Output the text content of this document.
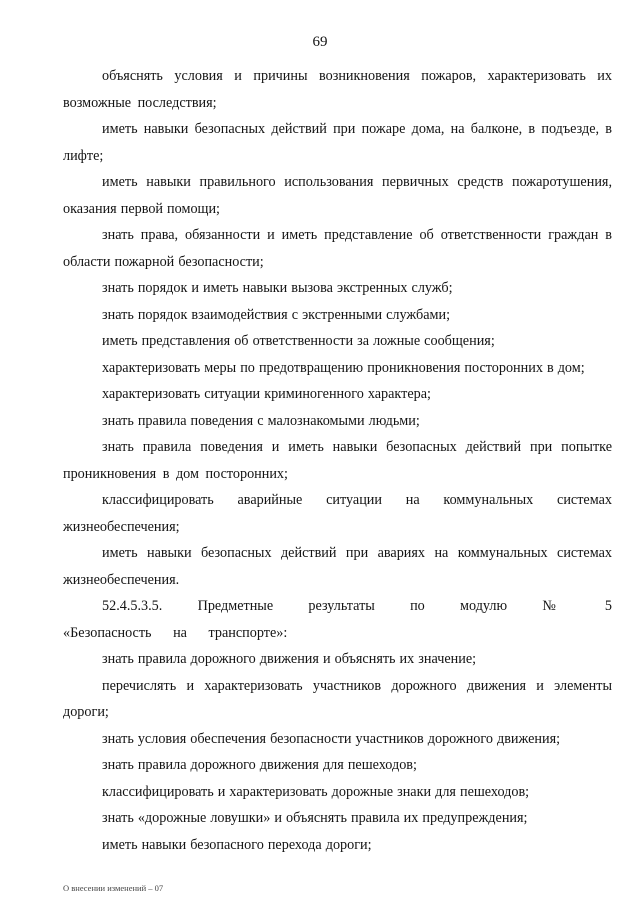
69

объяснять условия и причины возникновения пожаров, характеризовать их возможные последствия;

иметь навыки безопасных действий при пожаре дома, на балконе, в подъезде, в лифте;

иметь навыки правильного использования первичных средств пожаротушения, оказания первой помощи;

знать права, обязанности и иметь представление об ответственности граждан в области пожарной безопасности;

знать порядок и иметь навыки вызова экстренных служб;

знать порядок взаимодействия с экстренными службами;

иметь представления об ответственности за ложные сообщения;

характеризовать меры по предотвращению проникновения посторонних в дом;

характеризовать ситуации криминогенного характера;

знать правила поведения с малознакомыми людьми;

знать правила поведения и иметь навыки безопасных действий при попытке проникновения в дом посторонних;

классифицировать аварийные ситуации на коммунальных системах жизнеобеспечения;

иметь навыки безопасных действий при авариях на коммунальных системах жизнеобеспечения.

52.4.5.3.5. Предметные результаты по модулю № 5 «Безопасность на транспорте»:

знать правила дорожного движения и объяснять их значение;

перечислять и характеризовать участников дорожного движения и элементы дороги;

знать условия обеспечения безопасности участников дорожного движения;

знать правила дорожного движения для пешеходов;

классифицировать и характеризовать дорожные знаки для пешеходов;

знать «дорожные ловушки» и объяснять правила их предупреждения;

иметь навыки безопасного перехода дороги;

О внесении изменений – 07
